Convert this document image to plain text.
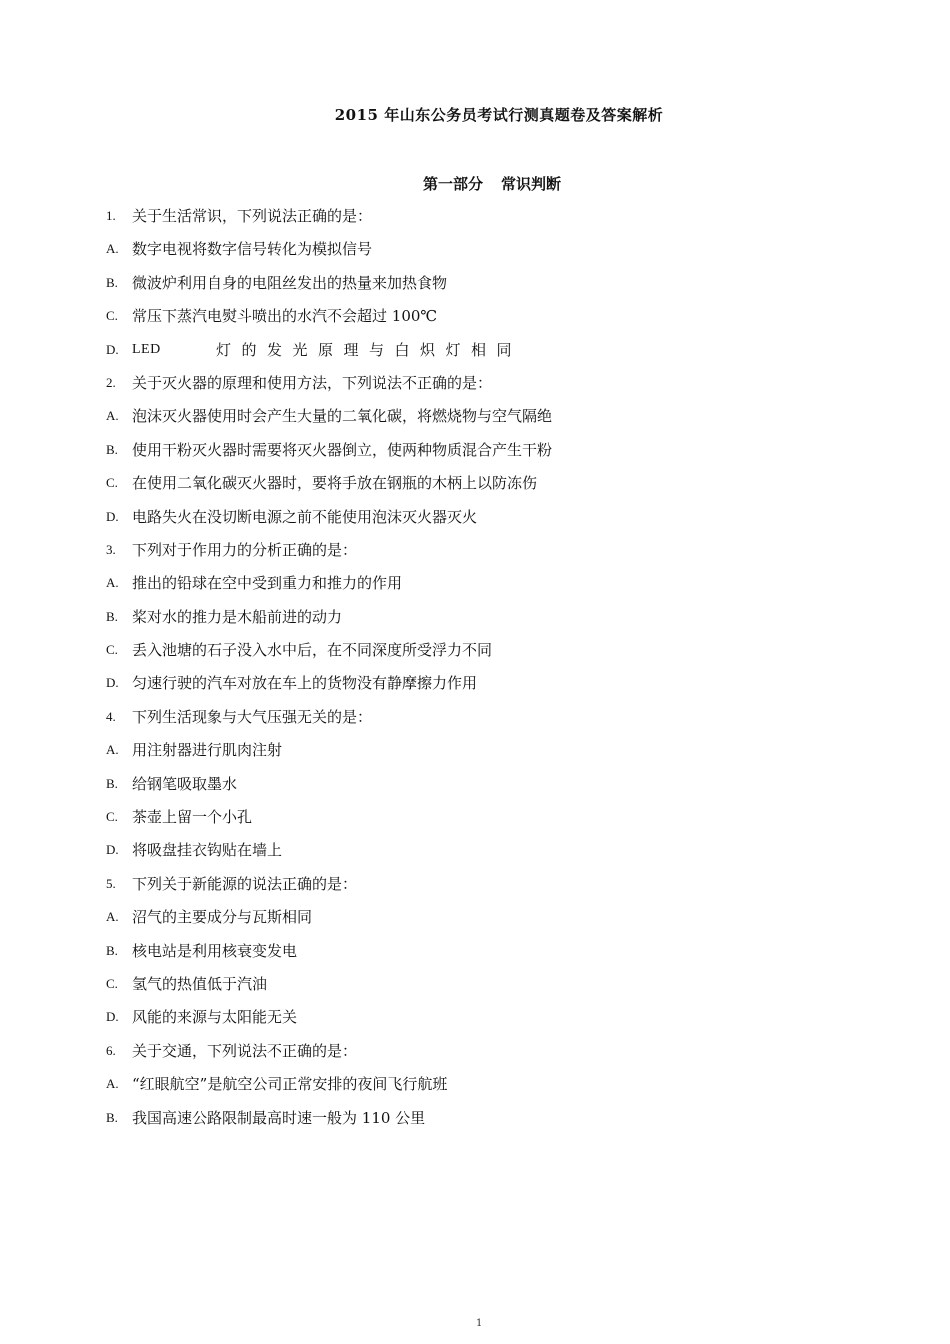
2015 年山东公务员考试行测真题卷及答案解析
第一部分 常识判断
1.	关于生活常识，下列说法正确的是：
A. 数字电视将数字信号转化为模拟信号
B. 微波炉利用自身的电阻丝发出的热量来加热食物
C. 常压下蒸汽电熨斗喷出的水汽不会超过 100℃
D. LED	灯的发光原理与白炽灯相同
2.	关于灭火器的原理和使用方法，下列说法不正确的是：
A. 泡沫灭火器使用时会产生大量的二氧化碳，将燃烧物与空气隔绝
B. 使用干粉灭火器时需要将灭火器倒立，使两种物质混合产生干粉
C. 在使用二氧化碳灭火器时，要将手放在钢瓶的木柄上以防冻伤
D. 电路失火在没切断电源之前不能使用泡沫灭火器灭火
3.	下列对于作用力的分析正确的是：
A. 推出的铅球在空中受到重力和推力的作用
B. 桨对水的推力是木船前进的动力
C. 丢入池塘的石子没入水中后，在不同深度所受浮力不同
D. 匀速行驶的汽车对放在车上的货物没有静摩擦力作用
4.	下列生活现象与大气压强无关的是：
A. 用注射器进行肌肉注射
B. 给钢笔吸取墨水
C. 茶壶上留一个小孔
D. 将吸盘挂衣钩贴在墙上
5.	下列关于新能源的说法正确的是：
A. 沼气的主要成分与瓦斯相同
B. 核电站是利用核衰变发电
C. 氢气的热值低于汽油
D. 风能的来源与太阳能无关
6.	关于交通，下列说法不正确的是：
A. “红眼航空”是航空公司正常安排的夜间飞行航班
B. 我国高速公路限制最高时速一般为 110 公里
1
